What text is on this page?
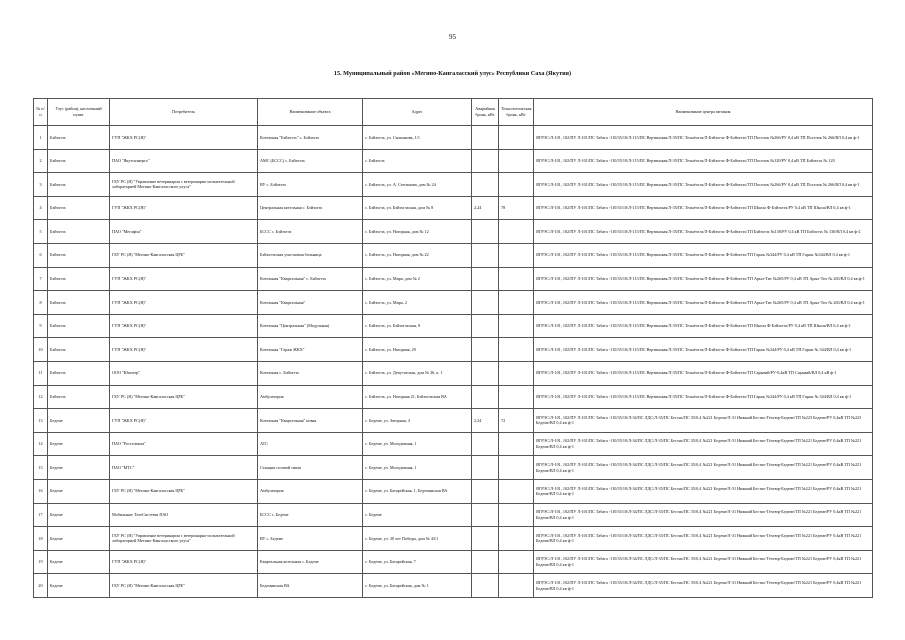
95
15. Муниципальный район «Мегино-Кангаласский улус» Республики Саха (Якутия)
№ п/п	Улус (район), населенный пункт	Потребитель	Наименование объекта	Адрес	Аварийная бронь, кВт	Технологическая бронь, кВт	Наименование центра питания
1	Бэйэхтэх	ГУП "ЖКХ РС(Я)"	Котельная "Бэйэхтэх" с. Бэйэхтэх	с. Бэйэхтэх, ул. Сытинкова, 1/1			ЯГРЭС/Л-101, 102/ПУ Л-101/ПС Табага -110/35/10/Л-115/ПС Вертинская/Л-35/ПС Телыёхтэх/Л-Бэйэхтэх Ф-Бэйэхтэх/ТП Поселок №266/РУ 0,4 кВ ТП Поселок № 266/ВЛ 0,4 кв ф-1
2	Бэйэхтэх	ПАО "Якутскэнерго"	АМС (БССС) с. Бэйэхтэх	с. Бэйэхтэх			ЯГРЭС/Л-101, 102/ПУ Л-101/ПС Табага -110/35/10/Л-115/ПС Вертинская/Л-35/ПС Телыёхтэх/Л-Бэйэхтэх Ф-Бэйэхтэх/ТП Поселок №120/РУ 0,4 кВ ТП Бэйэхтэх № 120
3	Бэйэхтэх	ГБУ РС (Я) "Управление ветеринарии с ветеринарно-испытательной лабораторией Мегино-Кангаласского улуса"	ВУ с. Бэйэхтэх	с. Бэйэхтэх, ул. А. Степанова, дом № 24			ЯГРЭС/Л-101, 102/ПУ Л-101/ПС Табага -110/35/10/Л-115/ПС Вертинская/Л-35/ПС Телыёхтэх/Л-Бэйэхтэх Ф-Бэйэхтэх/ТП Поселок №266/РУ 0,4 кВ ТП Поселок № 266/ВЛ 0,4 кв ф-1
4	Бэйэхтэх	ГУП "ЖКХ РС(Я)"	Центральная котельная с. Бэйэхтэх	с. Бэйэхтэх, ул. Бэйэхтэхская, дом № 8	2,24	78	ЯГРЭС/Л-101, 102/ПУ Л-101/ПС Табага -110/35/10/Л-115/ПС Вертинская/Л-35/ПС Телыёхтэх/Л-Бэйэхтэх Ф-Бэйэхтэх/ТП Школа Ф-Бэйэхтэх/РУ 0,4 кВ ТП Школа/ВЛ 0,4 кв ф-1
5	Бэйэхтэх	ПАО "Мегафон"	БССС с. Бэйэхтэх	с. Бэйэхтэх, ул. Нагорная, дом № 12			ЯГРЭС/Л-101, 102/ПУ Л-101/ПС Табага -110/35/10/Л-115/ПС Вертинская/Л-35/ПС Телыёхтэх/Л-Бэйэхтэх Ф-Бэйэхтэх/ТП Бэйэхтэх №130/РУ 0,4 кВ ТП Бэйэхтэх № 130/ВЛ 0,4 кв ф-2
6	Бэйэхтэх	ГБУ РС (Я) "Мегино-Кангаласская ЦРБ"	Бэйэхтэхская участковая больница	с. Бэйэхтэх, ул. Нагорная, дом № 22			ЯГРЭС/Л-101, 102/ПУ Л-101/ПС Табага -110/35/10/Л-115/ПС Вертинская/Л-35/ПС Телыёхтэх/Л-Бэйэхтэх Ф-Бэйэхтэх/ТП Гараж №344/РУ 0,4 кВ ТП Гараж №344/ВЛ 0,4 кв ф-1
7	Бэйэхтэх	ГУП "ЖКХ РС(Я)"	Котельная "Квартальная" с. Бэйэхтэх	с. Бэйэхтэх, ул. Мира, дом № 2			ЯГРЭС/Л-101, 102/ПУ Л-101/ПС Табага -110/35/10/Л-115/ПС Вертинская/Л-35/ПС Телыёхтэх/Л-Бэйэхтэх Ф-Бэйэхтэх/ТП Арыл-Тит №265/РУ 0,4 кВ ТП Арыл-Тит № 265/ВЛ 0,4 кв ф-1
8	Бэйэхтэх	ГУП "ЖКХ РС(Я)"	Котельная "Квартальная"	с. Бэйэхтэх, ул. Мира, 2			ЯГРЭС/Л-101, 102/ПУ Л-101/ПС Табага -110/35/10/Л-115/ПС Вертинская/Л-35/ПС Телыёхтэх/Л-Бэйэхтэх Ф-Бэйэхтэх/ТП Арыл-Тит №265/РУ 0,4 кВ ТП Арыл-Тит № 265/ВЛ 0,4 кв ф-1
9	Бэйэхтэх	ГУП "ЖКХ РС(Я)"	Котельная "Центральная" (Модульная)	с. Бэйэхтэх, ул. Бэйэхтэхская, 8			ЯГРЭС/Л-101, 102/ПУ Л-101/ПС Табага -110/35/10/Л-115/ПС Вертинская/Л-35/ПС Телыёхтэх/Л-Бэйэхтэх Ф-Бэйэхтэх/ТП Школа Ф-Бэйэхтэх/РУ 0,4 кВ ТП Школа/ВЛ 0,4 кв ф-1
10	Бэйэхтэх	ГУП "ЖКХ РС(Я)"	Котельная "Гараж ЖКХ"	с. Бэйэхтэх, ул. Нагорная, 29			ЯГРЭС/Л-101, 102/ПУ Л-101/ПС Табага -110/35/10/Л-115/ПС Вертинская/Л-35/ПС Телыёхтэх/Л-Бэйэхтэх Ф-Бэйэхтэх/ТП Гараж №344/РУ 0,4 кВ ТП Гараж № 344/ВЛ 0,4 кв ф-1
11	Бэйэхтэх	ООО "Юпитер"	Котельная с. Бэйэхтэх	с. Бэйэхтэх, ул. Депутатская, дом № 26, к. 1			ЯГРЭС/Л-101, 102/ПУ Л-101/ПС Табага -110/35/10/Л-115/ПС Вертинская/Л-35/ПС Телыёхтэх/Л-Бэйэхтэх Ф-Бэйэхтэх/ТП Сарывай/РУ-0,4кВ ТП Сарывай/ВЛ 0,4 кВ ф-1
12	Бэйэхтэх	ГБУ РС (Я) "Мегино-Кангаласская ЦРБ"	Амбулатория	с. Бэйэхтэх, ул. Нагорная 21, Бэйэхтэхская ВА			ЯГРЭС/Л-101, 102/ПУ Л-101/ПС Табага -110/35/10/Л-115/ПС Вертинская/Л-35/ПС Телыёхтэх/Л-Бэйэхтэх Ф-Бэйэхтэх/ТП Гараж №344/РУ 0,4 кВ ТП Гараж № 344/ВЛ 0,4 кв ф-1
13	Бедеме	ГУП "ЖКХ РС(Я)"	Котельная "Квартальная" новая	с. Бедеме, ул. Заторная, 4	2,24	72	ЯГРЭС/Л-101, 102/ПУ Л-101/ПС Табага -110/35/10/Л-34/ПС ЛДС/Л-35/ПС Бестях/ПС 35/0,4 №221 Бедеме/Л-31 Нижний Бестях-Тёхтюр-Бедеме/ТП №223 Бедеме/РУ 0,4кВ ТП №223 Бедеме/ВЛ 0,4 кв ф-1
14	Бедеме	ПАО "Ростелеком"	АТС	с. Бедеме, ул. Молодежная, 1			ЯГРЭС/Л-101, 102/ПУ Л-101/ПС Табага -110/35/10/Л-34/ПС ЛДС/Л-35/ПС Бестях/ПС 35/0,4 №221 Бедеме/Л-31 Нижний Бестях-Тёхтюр-Бедеме/ТП №221 Бедеме/РУ 0,4кВ ТП №221 Бедеме/ВЛ 0,4 кв ф-1
15	Бедеме	ПАО "МТС"	Станция сотовой связи	с. Бедеме, ул. Молодежная, 1			ЯГРЭС/Л-101, 102/ПУ Л-101/ПС Табага -110/35/10/Л-34/ПС ЛДС/Л-35/ПС Бестях/ПС 35/0,4 №221 Бедеме/Л-31 Нижний Бестях-Тёхтюр-Бедеме/ТП №221 Бедеме/РУ 0,4кВ ТП №221 Бедеме/ВЛ 0,4 кв ф-1
16	Бедеме	ГБУ РС (Я) "Мегино-Кангаласская ЦРБ"	Амбулатория	с. Бедеме, ул. Батарейская, 1, Бедеминская ВА			ЯГРЭС/Л-101, 102/ПУ Л-101/ПС Табага -110/35/10/Л-34/ПС ЛДС/Л-35/ПС Бестях/ПС 35/0,4 №221 Бедеме/Л-31 Нижний Бестях-Тёхтюр-Бедеме/ТП №221 Бедеме/РУ 0,4кВ ТП №221 Бедеме/ВЛ 0,4 кв ф-1
17	Бедеме	Мобильные ТелеСистемы ПАО	БССС с. Бедеме	с. Бедеме			ЯГРЭС/Л-101, 102/ПУ Л-101/ПС Табага -110/35/10/Л-34/ПС ЛДС/Л-35/ПС Бестях/ПС 35/0,4 №221 Бедеме/Л-31 Нижний Бестях-Тёхтюр-Бедеме/ТП №221 Бедеме/РУ 0,4кВ ТП №221 Бедеме/ВЛ 0,4 кв ф-1
18	Бедеме	ГБУ РС (Я) "Управление ветеринарии с ветеринарно-испытательной лабораторией Мегино-Кангаласского улуса"	ВУ с. Бедеме	с. Бедеме, ул. 30 лет Победы, дом № 43/1			ЯГРЭС/Л-101, 102/ПУ Л-101/ПС Табага -110/35/10/Л-34/ПС ЛДС/Л-35/ПС Бестях/ПС 35/0,4 №221 Бедеме/Л-31 Нижний Бестях-Тёхтюр-Бедеме/ТП №221 Бедеме/РУ 0,4кВ ТП №221 Бедеме/ВЛ 0,4 кв ф-1
19	Бедеме	ГУП "ЖКХ РС(Я)"	Квартальная котельная с. Бедеме	с. Бедеме, ул. Батарейская, 7			ЯГРЭС/Л-101, 102/ПУ Л-101/ПС Табага -110/35/10/Л-34/ПС ЛДС/Л-35/ПС Бестях/ПС 35/0,4 №221 Бедеме/Л-31 Нижний Бестях-Тёхтюр-Бедеме/ТП №221 Бедеме/РУ 0,4кВ ТП №221 Бедеме/ВЛ 0,4 кв ф-1
20	Бедеме	ГБУ РС (Я) "Мегино-Кангаласская ЦРБ"	Бедеминская ВА	с. Бедеме, ул. Батарейская, дом № 1			ЯГРЭС/Л-101, 102/ПУ Л-101/ПС Табага -110/35/10/Л-34/ПС ЛДС/Л-35/ПС Бестях/ПС 35/0,4 №221 Бедеме/Л-31 Нижний Бестях-Тёхтюр-Бедеме/ТП №221 Бедеме/РУ 0,4кВ ТП №221 Бедеме/ВЛ 0,4 кв ф-1
